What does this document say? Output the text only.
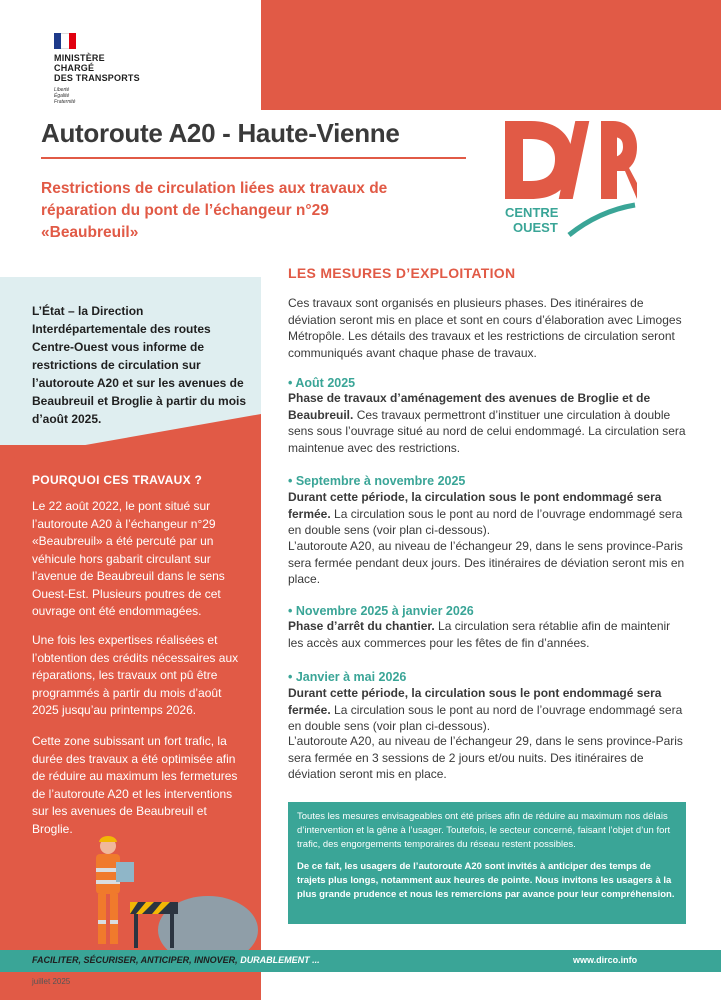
MINISTÈRE
CHARGÉ
DES TRANSPORTS
Liberté
Égalité
Fraternité
Autoroute A20 - Haute-Vienne
Restrictions de circulation liées aux travaux de
réparation du pont de l’échangeur n°29
«Beaubreuil»
CENTRE
OUEST
L’État – la Direction Interdépartementale des routes Centre-Ouest vous informe de restrictions de circulation sur l’autoroute A20 et sur les avenues de Beaubreuil et Broglie à partir du mois d’août 2025.
POURQUOI CES TRAVAUX ?
Le 22 août 2022, le pont situé sur l’autoroute A20 à l’échangeur n°29 «Beaubreuil» a été percuté par un véhicule hors gabarit circulant sur l’avenue de Beaubreuil dans le sens Ouest-Est. Plusieurs poutres de cet ouvrage ont été endommagées.
Une fois les expertises réalisées et l’obtention des crédits nécessaires aux réparations, les travaux ont pû être programmés à partir du mois d’août 2025 jusqu’au printemps 2026.
Cette zone subissant un fort trafic, la durée des travaux a été optimisée afin de réduire au maximum les fermetures de l’autoroute A20 et les interventions sur les avenues de Beaubreuil et Broglie.
LES MESURES D’EXPLOITATION
Ces travaux sont organisés en plusieurs phases. Des itinéraires de déviation seront mis en place et sont en cours d’élaboration avec Limoges Métropôle. Les détails des travaux et les restrictions de circulation seront communiqués avant chaque phase de travaux.
• Août 2025
Phase de travaux d’aménagement des avenues de Broglie et de Beaubreuil. Ces travaux permettront d’instituer une circulation à double sens sous l’ouvrage situé au nord de celui endommagé. La circulation sera maintenue avec des restrictions.
• Septembre à novembre 2025
Durant cette période, la circulation sous le pont endommagé sera fermée. La circulation sous le pont au nord de l’ouvrage endommagé sera en double sens (voir plan ci-dessous).
L’autoroute A20, au niveau de l’échangeur 29, dans le sens province-Paris sera fermée pendant deux jours. Des itinéraires de déviation seront mis en place.
• Novembre 2025 à janvier 2026
Phase d’arrêt du chantier. La circulation sera rétablie afin de maintenir les accès aux commerces pour les fêtes de fin d’années.
• Janvier à mai 2026
Durant cette période, la circulation sous le pont endommagé sera fermée. La circulation sous le pont au nord de l’ouvrage endommagé sera en double sens (voir plan ci-dessous).
L’autoroute A20, au niveau de l’échangeur 29, dans le sens province-Paris sera fermée en 3 sessions de 2 jours et/ou nuits. Des itinéraires de déviation seront mis en place.

Toutes les mesures envisageables ont été prises afin de réduire au maximum nos délais d’intervention et la gêne à l’usager. Toutefois, le secteur concerné, faisant l’objet d’un fort trafic, des engorgements temporaires du réseau restent possibles.

De ce fait, les usagers de l’autoroute A20 sont invités à anticiper des temps de trajets plus longs, notamment aux heures de pointe. Nous invitons les usagers à la plus grande prudence et nous les remercions par avance pour leur compréhension.

FACILITER, SÉCURISER, ANTICIPER, INNOVER, DURABLEMENT ...	www.dirco.info
juillet 2025
